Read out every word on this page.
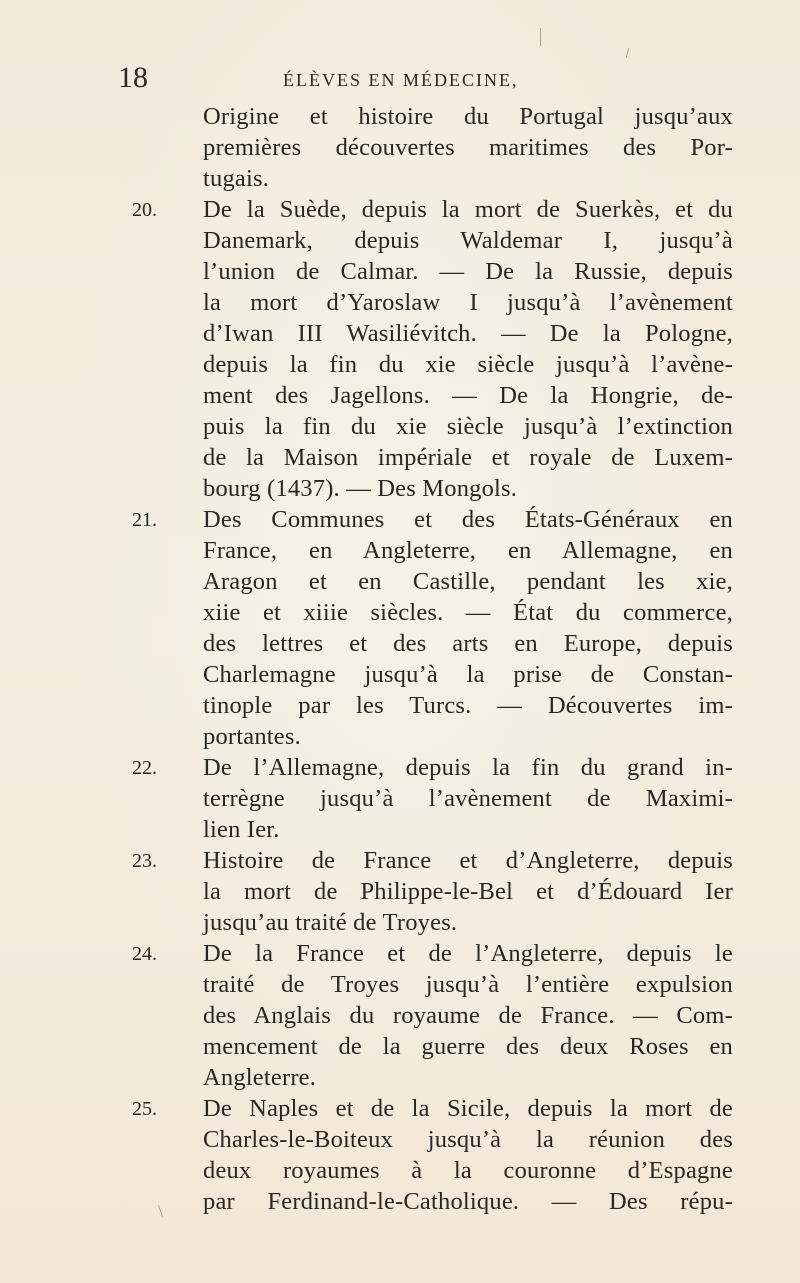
18	ÉLÈVES EN MÉDECINE,
Origine et histoire du Portugal jusqu’aux
premières découvertes maritimes des Por-
tugais.
20.	De la Suède, depuis la mort de Suerkès, et du
Danemark, depuis Waldemar I, jusqu’à
l’union de Calmar. — De la Russie, depuis
la mort d’Yaroslaw I jusqu’à l’avènement
d’Iwan III Wasiliévitch. — De la Pologne,
depuis la fin du xie siècle jusqu’à l’avène-
ment des Jagellons. — De la Hongrie, de-
puis la fin du xie siècle jusqu’à l’extinction
de la Maison impériale et royale de Luxem-
bourg (1437). — Des Mongols.
21.	Des Communes et des États-Généraux en
France, en Angleterre, en Allemagne, en
Aragon et en Castille, pendant les xie,
xiie et xiiie siècles. — État du commerce,
des lettres et des arts en Europe, depuis
Charlemagne jusqu’à la prise de Constan-
tinople par les Turcs. — Découvertes im-
portantes.
22.	De l’Allemagne, depuis la fin du grand in-
terrègne jusqu’à l’avènement de Maximi-
lien Ier.
23.	Histoire de France et d’Angleterre, depuis
la mort de Philippe-le-Bel et d’Édouard Ier
jusqu’au traité de Troyes.
24.	De la France et de l’Angleterre, depuis le
traité de Troyes jusqu’à l’entière expulsion
des Anglais du royaume de France. — Com-
mencement de la guerre des deux Roses en
Angleterre.
25.	De Naples et de la Sicile, depuis la mort de
Charles-le-Boiteux jusqu’à la réunion des
deux royaumes à la couronne d’Espagne
par Ferdinand-le-Catholique. — Des répu-
